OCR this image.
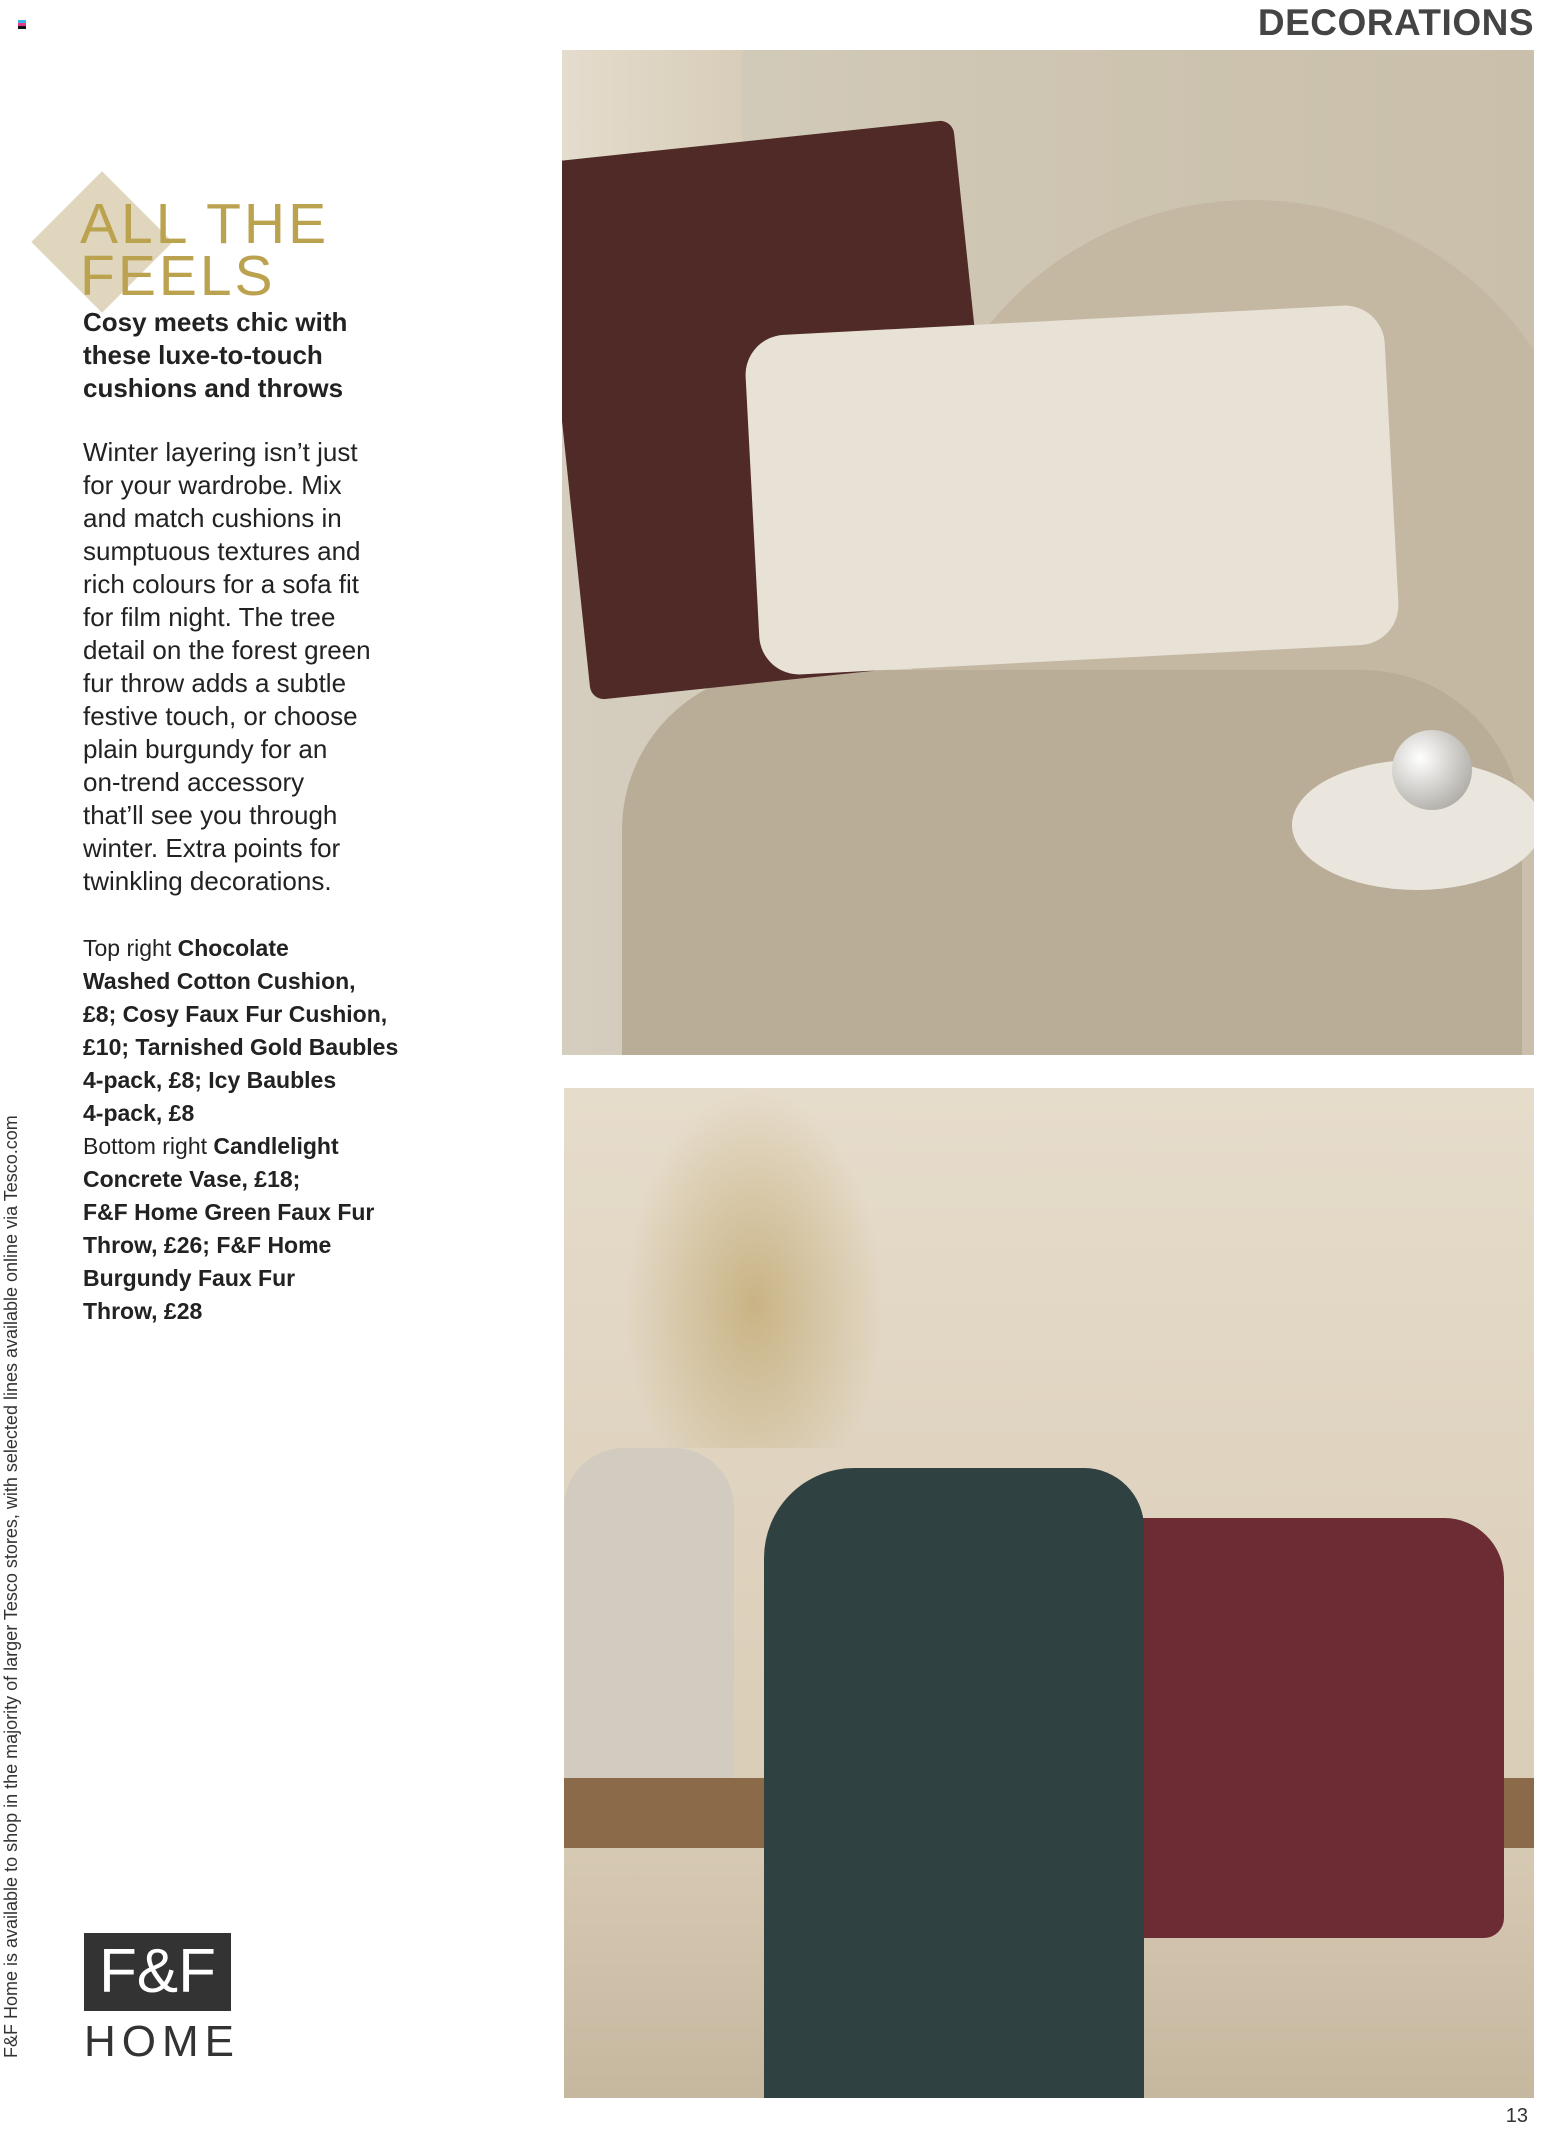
DECORATIONS
ALL THE
FEELS
Cosy meets chic with
these luxe-to-touch
cushions and throws
Winter layering isn’t just
for your wardrobe. Mix
and match cushions in
sumptuous textures and
rich colours for a sofa fit
for film night. The tree
detail on the forest green
fur throw adds a subtle
festive touch, or choose
plain burgundy for an
on-trend accessory
that’ll see you through
winter. Extra points for
twinkling decorations.
Top right Chocolate
Washed Cotton Cushion,
£8; Cosy Faux Fur Cushion,
£10; Tarnished Gold Baubles
4-pack, £8; Icy Baubles
4-pack, £8
Bottom right Candlelight
Concrete Vase, £18;
F&F Home Green Faux Fur
Throw, £26; F&F Home
Burgundy Faux Fur
Throw, £28
F&F Home is available to shop in the majority of larger Tesco stores, with selected lines available online via Tesco.com F&F
HOME
13
